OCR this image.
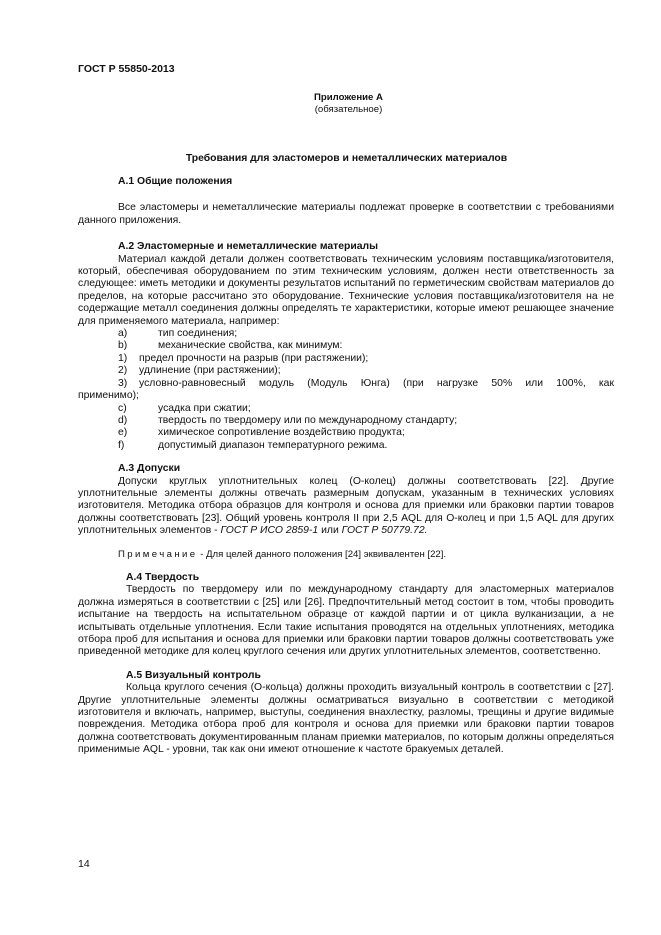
ГОСТ Р 55850-2013
Приложение А
(обязательное)
Требования для эластомеров и неметаллических материалов
А.1 Общие положения

Все эластомеры и неметаллические материалы подлежат проверке в соответствии с требованиями данного приложения.

А.2 Эластомерные и неметаллические материалы

Материал каждой детали должен соответствовать техническим условиям поставщика/изготовителя, который, обеспечивая оборудованием по этим техническим условиям, должен нести ответственность за следующее: иметь методики и документы результатов испытаний по герметическим свойствам материалов до пределов, на которые рассчитано это оборудование. Технические условия поставщика/изготовителя на не содержащие металл соединения должны определять те характеристики, которые имеют решающее значение для применяемого материала, например:

а)	тип соединения;
b)	механические свойства, как минимум:
1)	предел прочности на разрыв (при растяжении);
2)	удлинение (при растяжении);
3)	условно-равновесный модуль (Модуль Юнга) (при нагрузке 50% или 100%, как
применимо);
c)	усадка при сжатии;
d)	твердость по твердомеру или по международному стандарту;
e)	химическое сопротивление воздействию продукта;
f)	допустимый диапазон температурного режима.
А.3 Допуски

Допуски круглых уплотнительных колец (О-колец) должны соответствовать [22]. Другие уплотнительные элементы должны отвечать размерным допускам, указанным в технических условиях изготовителя. Методика отбора образцов для контроля и основа для приемки или браковки партии товаров должны соответствовать [23]. Общий уровень контроля II при 2,5 AQL для О-колец и при 1,5 AQL для других уплотнительных элементов - ГОСТ Р ИСО 2859-1 или ГОСТ Р 50779.72.

Примечание - Для целей данного положения [24] эквивалентен [22].
А.4 Твердость

Твердость по твердомеру или по международному стандарту для эластомерных материалов должна измеряться в соответствии с [25] или [26]. Предпочтительный метод состоит в том, чтобы проводить испытание на твердость на испытательном образце от каждой партии и от цикла вулканизации, а не испытывать отдельные уплотнения. Если такие испытания проводятся на отдельных уплотнениях, методика отбора проб для испытания и основа для приемки или браковки партии товаров должны соответствовать уже приведенной методике для колец круглого сечения или других уплотнительных элементов, соответственно.

А.5 Визуальный контроль

Кольца круглого сечения (О-кольца) должны проходить визуальный контроль в соответствии с [27]. Другие уплотнительные элементы должны осматриваться визуально в соответствии с методикой изготовителя и включать, например, выступы, соединения внахлестку, разломы, трещины и другие видимые повреждения. Методика отбора проб для контроля и основа для приемки или браковки партии товаров должна соответствовать документированным планам приемки материалов, по которым должны определяться применимые AQL - уровни, так как они имеют отношение к частоте бракуемых деталей.

14
